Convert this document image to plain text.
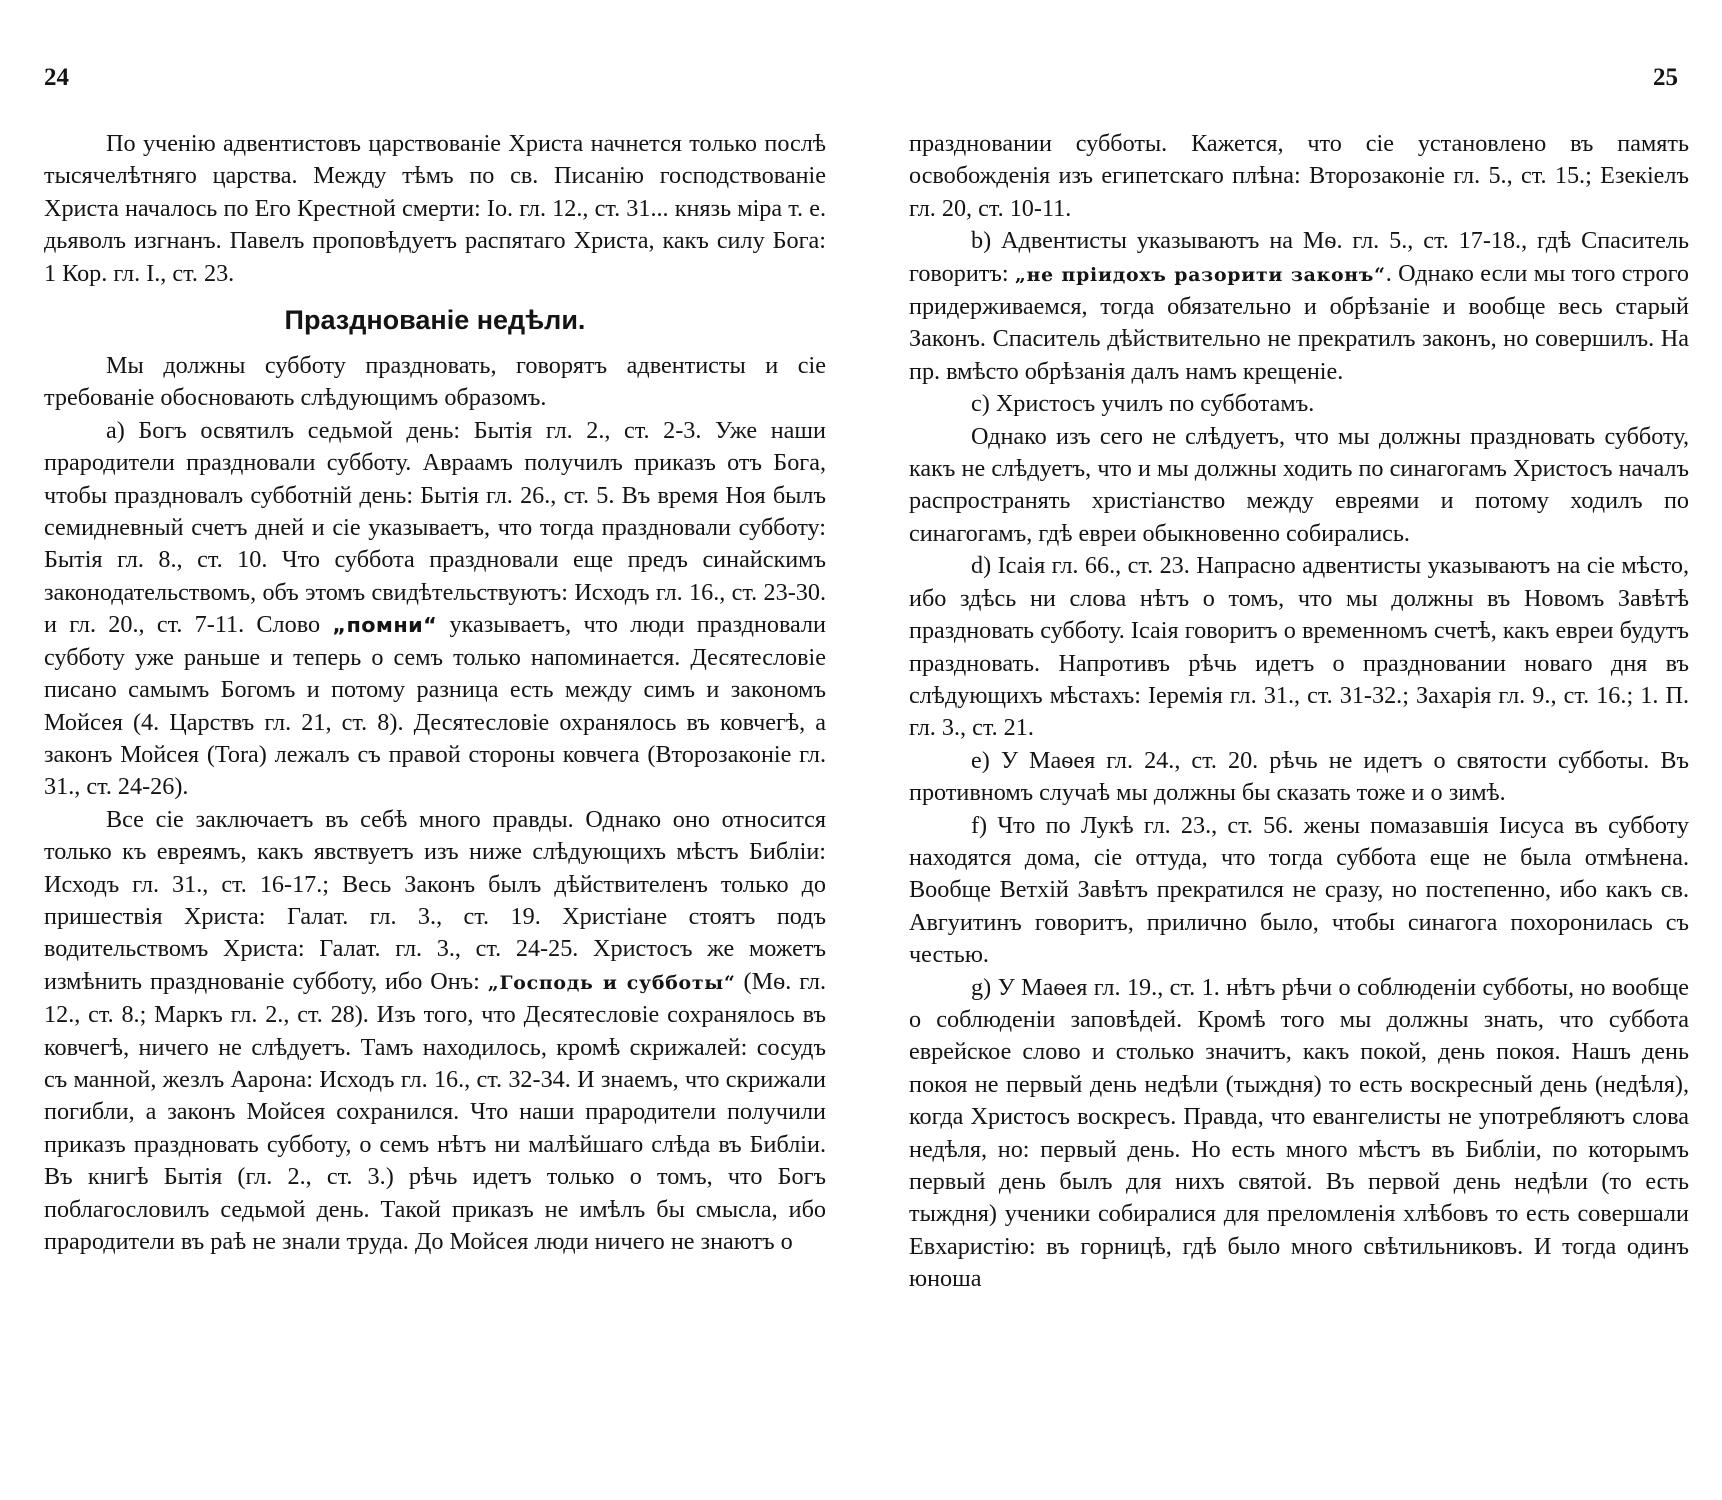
24

По ученію адвентистовъ царствованіе Христа начнется только послѣ тысячелѣтняго царства. Между тѣмъ по св. Писанію господствованіе Христа началось по Его Крестной смерти: Іо. гл. 12., ст. 31... князь міра т. е. дьяволъ изгнанъ. Павелъ проповѣдуетъ распятаго Христа, какъ силу Бога: 1 Кор. гл. I., ст. 23.

Празднованіе недѣли.

Мы должны субботу праздновать, говорятъ адвентисты и сіе требованіе обосновають слѣдующимъ образомъ.

а) Богъ освятилъ седьмой день: Бытія гл. 2., ст. 2-3. Уже наши прародители праздновали субботу. Авраамъ получилъ приказъ отъ Бога, чтобы праздновалъ субботній день: Бытія гл. 26., ст. 5. Въ время Ноя былъ семидневный счетъ дней и сіе указываетъ, что тогда праздновали субботу: Бытія гл. 8., ст. 10. Что суббота праздновали еще предъ синайскимъ законодательствомъ, объ этомъ свидѣтельствуютъ: Исходъ гл. 16., ст. 23-30. и гл. 20., ст. 7-11. Слово „помни“ указываетъ, что люди праздновали субботу уже раньше и теперь о семъ только напоминается. Десятесловіе писано самымъ Богомъ и потому разница есть между симъ и закономъ Мойсея (4. Царствъ гл. 21, ст. 8). Десятесловіе охранялось въ ковчегѣ, а законъ Мойсея (Тоrа) лежалъ съ правой стороны ковчега (Второзаконіе гл. 31., ст. 24-26).

Все сіе заключаетъ въ себѣ много правды. Однако оно относится только къ евреямъ, какъ явствуетъ изъ ниже слѣдующихъ мѣстъ Библіи: Исходъ гл. 31., ст. 16-17.; Весь Законъ былъ дѣйствителенъ только до пришествія Христа: Галат. гл. 3., ст. 19. Христіане стоятъ подъ водительствомъ Христа: Галат. гл. 3., ст. 24-25. Христосъ же можетъ измѣнить празднованіе субботу, ибо Онъ: „Господь и суббoты“ (Мѳ. гл. 12., ст. 8.; Маркъ гл. 2., ст. 28). Изъ того, что Десятесловіе сохранялось въ ковчегѣ, ничего не слѣдуетъ. Тамъ находилось, кромѣ скрижалей: сосудъ съ манной, жезлъ Аарона: Исходъ гл. 16., ст. 32-34. И знаемъ, что скрижали погибли, а законъ Мойсея сохранился. Что наши прародители получили приказъ праздновать субботу, о семъ нѣтъ ни малѣйшаго слѣда въ Библіи. Въ книгѣ Бытія (гл. 2., ст. 3.) рѣчь идетъ только о томъ, что Богъ поблагословилъ седьмой день. Такой приказъ не имѣлъ бы смысла, ибо прародители въ раѣ не знали труда. До Мойсея люди ничего не знаютъ о

25

праздновании субботы. Кажется, что сіе установлено въ память освобожденія изъ египетскаго плѣна: Второзаконіе гл. 5., ст. 15.; Езекіелъ гл. 20, ст. 10-11.

b) Адвентисты указываютъ на Мѳ. гл. 5., ст. 17-18., гдѣ Спаситель говоритъ: „не пріидохъ разорити законъ“. Однако если мы того строго придерживаемся, тогда обязательно и обрѣзаніе и вообще весь старый Законъ. Спаситель дѣйствительно не прекратилъ законъ, но совершилъ. На пр. вмѣсто обрѣзанія далъ намъ крещеніе.

c) Христосъ училъ по субботамъ.

Однако изъ сего не слѣдуетъ, что мы должны праздновать субботу, какъ не слѣдуетъ, что и мы должны ходить по синагогамъ Христосъ началъ распространять христіанство между евреями и потому ходилъ по синагогамъ, гдѣ евреи обыкновенно собирались.

d) Ісаія гл. 66., ст. 23. Напрасно адвентисты указываютъ на сіе мѣсто, ибо здѣсь ни слова нѣтъ о томъ, что мы должны въ Новомъ Завѣтѣ праздновать субботу. Ісаія говоритъ о временномъ счетѣ, какъ евреи будутъ праздновать. Напротивъ рѣчь идетъ о праздновании новаго дня въ слѣдующихъ мѣстахъ: Іеремія гл. 31., ст. 31-32.; Захарія гл. 9., ст. 16.; 1. П. гл. 3., ст. 21.

e) У Маѳея гл. 24., ст. 20. рѣчь не идетъ о святости субботы. Въ противномъ случаѣ мы должны бы сказать тоже и о зимѣ.

f) Что по Лукѣ гл. 23., ст. 56. жены помазавшія Іисуса въ субботу находятся дома, сіе оттуда, что тогда суббота еще не была отмѣнена. Вообще Ветхій Завѣтъ прекратился не сразу, но постепенно, ибо какъ св. Авгуитинъ говоритъ, прилично было, чтобы синагога похоронилась съ честью.

g) У Маѳея гл. 19., ст. 1. нѣтъ рѣчи о соблюденіи субботы, но вообще о соблюденіи заповѣдей. Кромѣ того мы должны знать, что суббота еврейское слово и столько значитъ, какъ покой, день покоя. Нашъ день покоя не первый день недѣли (тыждня) то есть воскресный день (недѣля), когда Христосъ воскресъ. Правда, что евангелисты не употребляютъ слова недѣля, но: первый день. Но есть много мѣстъ въ Библіи, по которымъ первый день былъ для нихъ святой. Въ первой день недѣли (то есть тыждня) ученики собиралися для преломленія хлѣбовъ то есть совершали Евхаристію: въ горницѣ, гдѣ было много свѣтильниковъ. И тогда одинъ юноша
